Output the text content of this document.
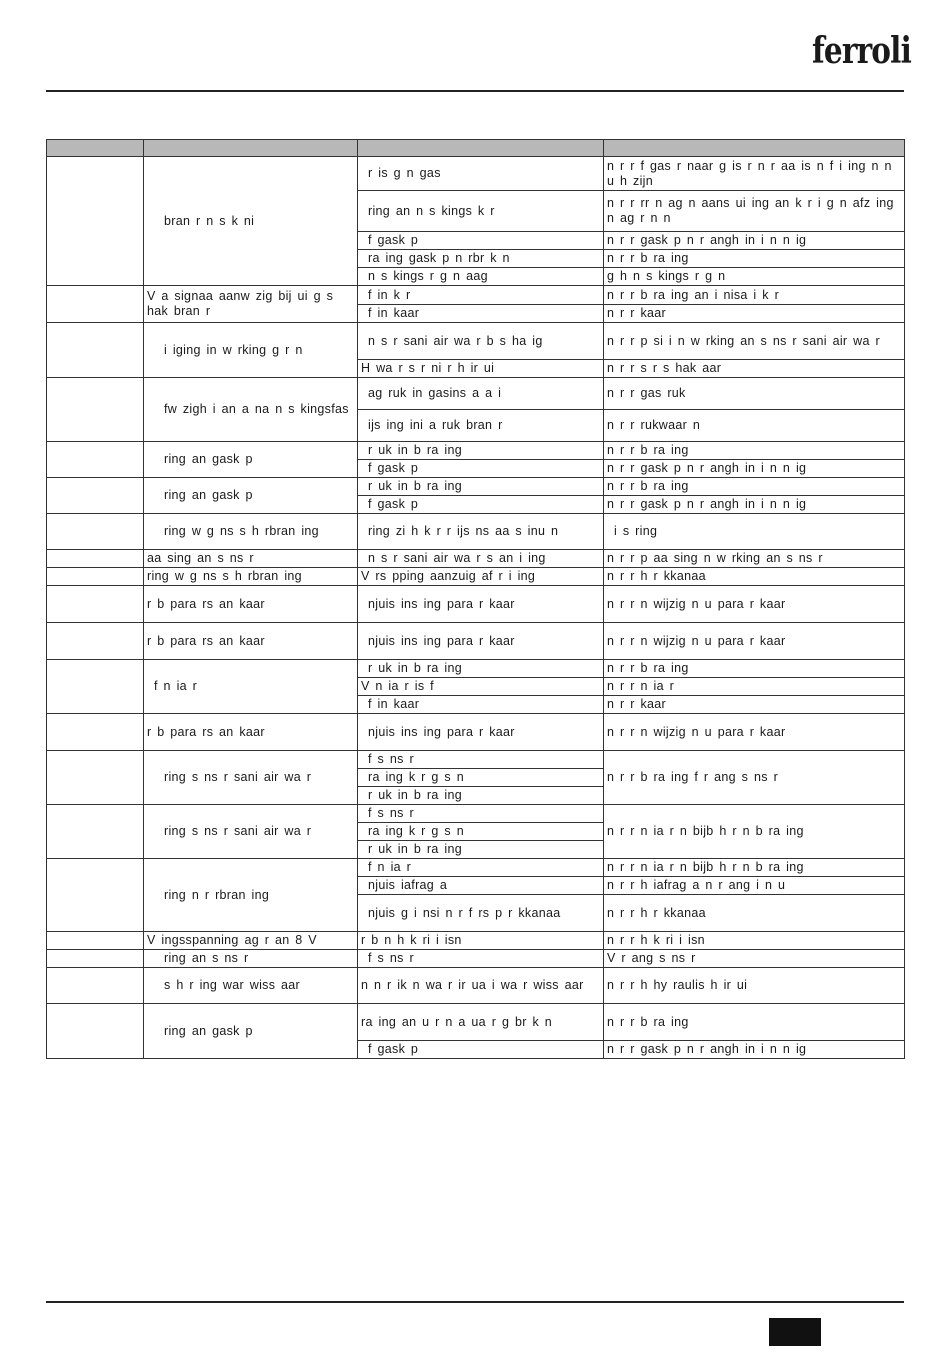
ferroli

	bran r n s k ni	r is g n gas	n r r f gas r naar g is r n r aa is n f i ing n n u h zijn
		ring an n s kings k r	n r r rr n ag n aans ui ing an k r i g n afz ing n ag r n n
		f gask p	n r r gask p n r angh in i n n ig
		ra ing gask p n rbr k n	n r r b ra ing
		n s kings r g n aag	g h n s kings r g n
	V a signaa aanw zig bij ui g s hak bran r	f in k r	n r r b ra ing an i nisa i k r
		f in kaar	n r r kaar
	i iging in w rking g r n	n s r sani air wa r b s ha ig	n r r p si i n w rking an s ns r sani air wa r
		H wa r s r ni r h ir ui	n r r s r s hak aar
	fw zigh i an a na n s kingsfas	ag ruk in gasins a a i	n r r gas ruk
		ijs ing ini a ruk bran r	n r r rukwaar n
	ring an gask p	r uk in b ra ing	n r r b ra ing
		f gask p	n r r gask p n r angh in i n n ig
	ring an gask p	r uk in b ra ing	n r r b ra ing
		f gask p	n r r gask p n r angh in i n n ig
	ring w g ns s h rbran ing	ring zi h k r r ijs ns aa s inu n	i s ring
	aa sing an s ns r	n s r sani air wa r s an i ing	n r r p aa sing n w rking an s ns r
	ring w g ns s h rbran ing	V rs pping aanzuig af r i ing	n r r h r kkanaa
	r b para rs an kaar	njuis ins ing para r kaar	n r r n wijzig n u para r kaar
	r b para rs an kaar	njuis ins ing para r kaar	n r r n wijzig n u para r kaar
	f n ia r	r uk in b ra ing	n r r b ra ing
		V n ia r is f	n r r n ia r
		f in kaar	n r r kaar
	r b para rs an kaar	njuis ins ing para r kaar	n r r n wijzig n u para r kaar
	ring s ns r sani air wa r	f s ns r	n r r b ra ing f r ang s ns r
		ra ing k r g s n	
		r uk in b ra ing	
	ring s ns r sani air wa r	f s ns r	n r r n ia r n bijb h r n b ra ing
		ra ing k r g s n	
		r uk in b ra ing	
	ring n r rbran ing	f n ia r	n r r n ia r n bijb h r n b ra ing
		njuis iafrag a	n r r h iafrag a n r ang i n u
		njuis g i nsi n r f rs p r kkanaa	n r r h r kkanaa
	V ingsspanning ag r an 8 V	r b n h k ri i isn	n r r h k ri i isn
	ring an s ns r	f s ns r	V r ang s ns r
	s h r ing war wiss aar	n n r ik n wa r ir ua i wa r wiss aar	n r r h hy raulis h ir ui
	ring an gask p	ra ing an u r n a ua r g br k n	n r r b ra ing
		f gask p	n r r gask p n r angh in i n n ig
